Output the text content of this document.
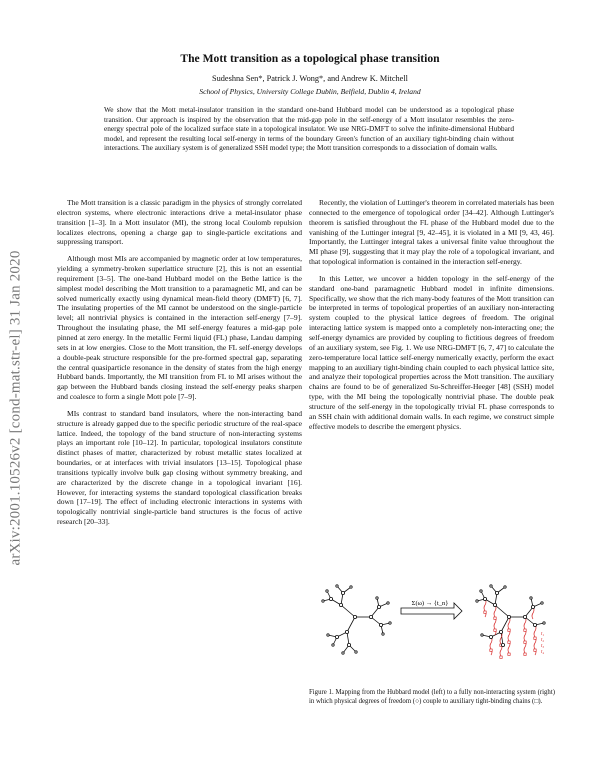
arXiv:2001.10526v2 [cond-mat.str-el] 31 Jan 2020
The Mott transition as a topological phase transition
Sudeshna Sen*, Patrick J. Wong*, and Andrew K. Mitchell
School of Physics, University College Dublin, Belfield, Dublin 4, Ireland
We show that the Mott metal-insulator transition in the standard one-band Hubbard model can be understood as a topological phase transition. Our approach is inspired by the observation that the mid-gap pole in the self-energy of a Mott insulator resembles the zero-energy spectral pole of the localized surface state in a topological insulator. We use NRG-DMFT to solve the infinite-dimensional Hubbard model, and represent the resulting local self-energy in terms of the boundary Green's function of an auxiliary tight-binding chain without interactions. The auxiliary system is of generalized SSH model type; the Mott transition corresponds to a dissociation of domain walls.

The Mott transition is a classic paradigm in the physics of strongly correlated electron systems, where electronic interactions drive a metal-insulator phase transition [1–3]. In a Mott insulator (MI), the strong local Coulomb repulsion localizes electrons, opening a charge gap to single-particle excitations and suppressing transport.

Although most MIs are accompanied by magnetic order at low temperatures, yielding a symmetry-broken superlattice structure [2], this is not an essential requirement [3–5]. The one-band Hubbard model on the Bethe lattice is the simplest model describing the Mott transition to a paramagnetic MI, and can be solved numerically exactly using dynamical mean-field theory (DMFT) [6, 7]. The insulating properties of the MI cannot be understood on the single-particle level; all nontrivial physics is contained in the interaction self-energy [7–9]. Throughout the insulating phase, the MI self-energy features a mid-gap pole pinned at zero energy. In the metallic Fermi liquid (FL) phase, Landau damping sets in at low energies. Close to the Mott transition, the FL self-energy develops a double-peak structure responsible for the pre-formed spectral gap, separating the central quasiparticle resonance in the density of states from the high energy Hubbard bands. Importantly, the MI transition from FL to MI arises without the gap between the Hubbard bands closing instead the self-energy peaks sharpen and coalesce to form a single Mott pole [7–9].

MIs contrast to standard band insulators, where the non-interacting band structure is already gapped due to the specific periodic structure of the real-space lattice. Indeed, the topology of the band structure of non-interacting systems plays an important role [10–12]. In particular, topological insulators constitute distinct phases of matter, characterized by robust metallic states localized at boundaries, or at interfaces with trivial insulators [13–15]. Topological phase transitions typically involve bulk gap closing without symmetry breaking, and are characterized by the discrete change in a topological invariant [16]. However, for interacting systems the standard topological classification breaks down [17–19]. The effect of including electronic interactions in systems with topologically nontrivial single-particle band structures is the focus of active research [20–33].

Recently, the violation of Luttinger's theorem in correlated materials has been connected to the emergence of topological order [34–42]. Although Luttinger's theorem is satisfied throughout the FL phase of the Hubbard model due to the vanishing of the Luttinger integral [9, 42–45], it is violated in a MI [9, 43, 46]. Importantly, the Luttinger integral takes a universal finite value throughout the MI phase [9], suggesting that it may play the role of a topological invariant, and that topological information is contained in the interaction self-energy.

In this Letter, we uncover a hidden topology in the self-energy of the standard one-band paramagnetic Hubbard model in infinite dimensions. Specifically, we show that the rich many-body features of the Mott transition can be interpreted in terms of topological properties of an auxiliary non-interacting system coupled to the physical lattice degrees of freedom. The original interacting lattice system is mapped onto a completely non-interacting one; the self-energy dynamics are provided by coupling to fictitious degrees of freedom of an auxiliary system, see Fig. 1. We use NRG-DMFT [6, 7, 47] to calculate the zero-temperature local lattice self-energy numerically exactly, perform the exact mapping to an auxiliary tight-binding chain coupled to each physical lattice site, and analyze their topological properties across the Mott transition. The auxiliary chains are found to be of generalized Su-Schreiffer-Heeger [48] (SSH) model type, with the MI being the topologically nontrivial phase. The double peak structure of the self-energy in the topologically trivial FL phase corresponds to an SSH chain with additional domain walls. In each regime, we construct simple effective models to describe the emergent physics.

Σ(ω) → {t_n}
t₁
t₂
t₃
t₄
Figure 1. Mapping from the Hubbard model (left) to a fully non-interacting system (right) in which physical degrees of freedom (○) couple to auxiliary tight-binding chains (□).
